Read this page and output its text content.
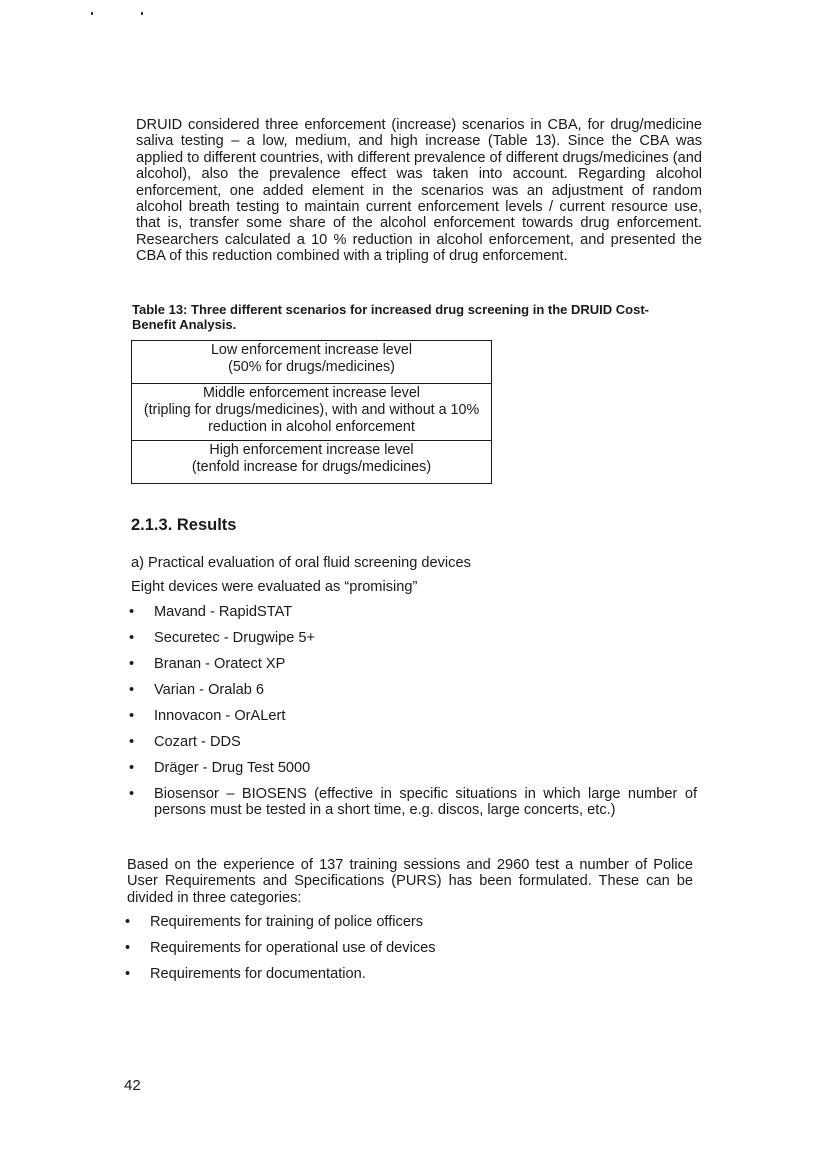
DRUID considered three enforcement (increase) scenarios in CBA, for drug/medicine saliva testing – a low, medium, and high increase (Table 13). Since the CBA was applied to different countries, with different prevalence of different drugs/medicines (and alcohol), also the prevalence effect was taken into account. Regarding alcohol enforcement, one added element in the scenarios was an adjustment of random alcohol breath testing to maintain current enforcement levels / current resource use, that is, transfer some share of the alcohol enforcement towards drug enforcement. Researchers calculated a 10 % reduction in alcohol enforcement, and presented the CBA of this reduction combined with a tripling of drug enforcement.

Table 13: Three different scenarios for increased drug screening in the DRUID Cost-Benefit Analysis.

Low enforcement increase level
(50% for drugs/medicines)
Middle enforcement increase level
(tripling for drugs/medicines), with and without a 10% reduction in alcohol enforcement
High enforcement increase level
(tenfold increase for drugs/medicines)
2.1.3. Results

a) Practical evaluation of oral fluid screening devices

Eight devices were evaluated as “promising”

• Mavand - RapidSTAT
• Securetec - Drugwipe 5+
• Branan - Oratect XP
• Varian - Oralab 6
• Innovacon - OrALert
• Cozart - DDS
• Dräger - Drug Test 5000
• Biosensor – BIOSENS (effective in specific situations in which large number of persons must be tested in a short time, e.g. discos, large concerts, etc.)

Based on the experience of 137 training sessions and 2960 test a number of Police User Requirements and Specifications (PURS) has been formulated. These can be divided in three categories:

• Requirements for training of police officers
• Requirements for operational use of devices
• Requirements for documentation.

42
